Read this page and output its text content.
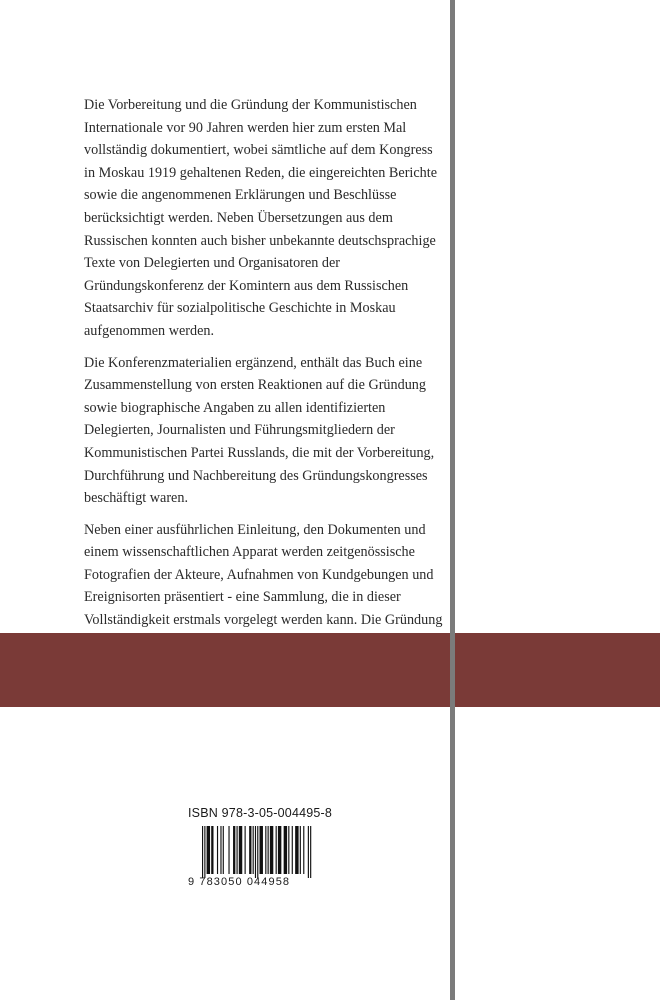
Die Vorbereitung und die Gründung der Kommunistischen Internationale vor 90 Jahren werden hier zum ersten Mal vollständig dokumentiert, wobei sämtliche auf dem Kongress in Moskau 1919 gehaltenen Reden, die eingereichten Berichte sowie die angenommenen Erklärungen und Beschlüsse berücksichtigt werden. Neben Übersetzungen aus dem Russischen konnten auch bisher unbekannte deutschsprachige Texte von Delegierten und Organisatoren der Gründungskonferenz der Komintern aus dem Russischen Staatsarchiv für sozialpolitische Geschichte in Moskau aufgenommen werden.

Die Konferenzmaterialien ergänzend, enthält das Buch eine Zusammenstellung von ersten Reaktionen auf die Gründung sowie biographische Angaben zu allen identifizierten Delegierten, Journalisten und Führungsmitgliedern der Kommunistischen Partei Russlands, die mit der Vorbereitung, Durchführung und Nachbereitung des Gründungskongresses beschäftigt waren.

Neben einer ausführlichen Einleitung, den Dokumenten und einem wissenschaftlichen Apparat werden zeitgenössische Fotografien der Akteure, Aufnahmen von Kundgebungen und Ereignisorten präsentiert - eine Sammlung, die in dieser Vollständigkeit erstmals vorgelegt werden kann. Die Gründung

ISBN 978-3-05-004495-8
9 783050 044958
